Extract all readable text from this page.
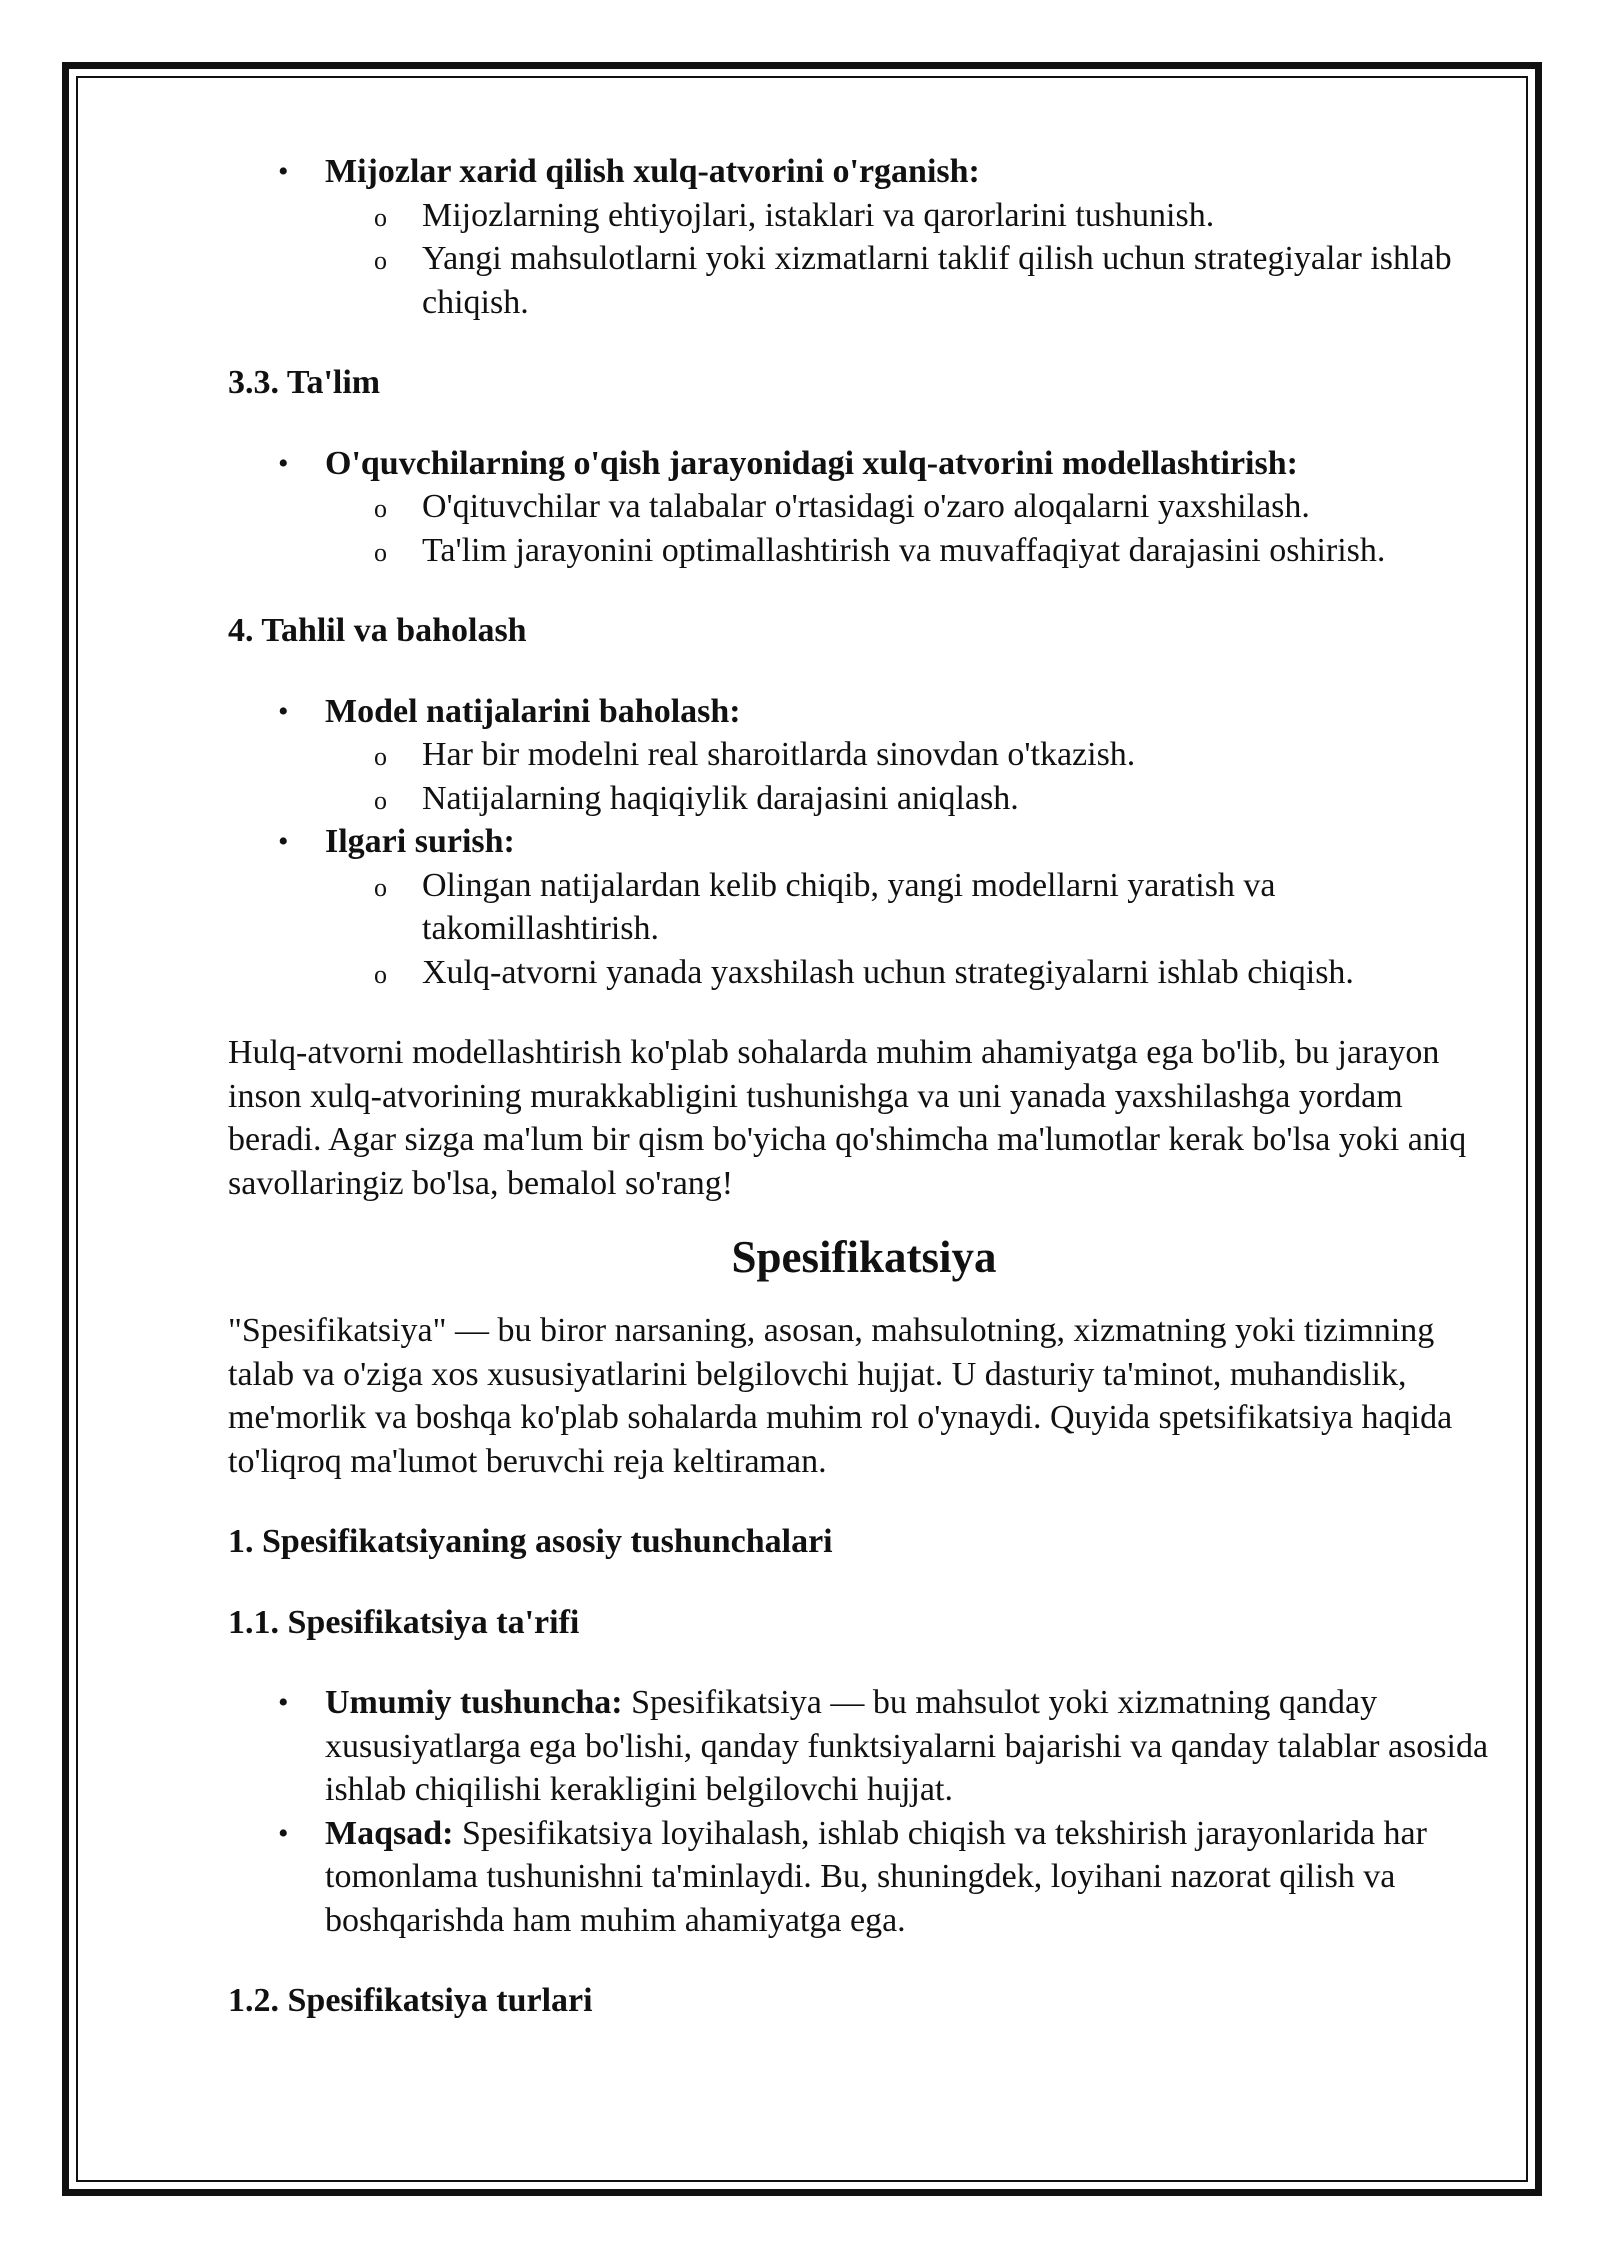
• Mijozlar xarid qilish xulq-atvorini o'rganish:
o Mijozlarning ehtiyojlari, istaklari va qarorlarini tushunish.
o Yangi mahsulotlarni yoki xizmatlarni taklif qilish uchun strategiyalar ishlab chiqish.

3.3. Ta'lim

• O'quvchilarning o'qish jarayonidagi xulq-atvorini modellashtirish:
o O'qituvchilar va talabalar o'rtasidagi o'zaro aloqalarni yaxshilash.
o Ta'lim jarayonini optimallashtirish va muvaffaqiyat darajasini oshirish.

4. Tahlil va baholash

• Model natijalarini baholash:
o Har bir modelni real sharoitlarda sinovdan o'tkazish.
o Natijalarning haqiqiylik darajasini aniqlash.
• Ilgari surish:
o Olingan natijalardan kelib chiqib, yangi modellarni yaratish va takomillashtirish.
o Xulq-atvorni yanada yaxshilash uchun strategiyalarni ishlab chiqish.

Hulq-atvorni modellashtirish ko'plab sohalarda muhim ahamiyatga ega bo'lib, bu jarayon inson xulq-atvorining murakkabligini tushunishga va uni yanada yaxshilashga yordam beradi. Agar sizga ma'lum bir qism bo'yicha qo'shimcha ma'lumotlar kerak bo'lsa yoki aniq savollaringiz bo'lsa, bemalol so'rang!

Spesifikatsiya

"Spesifikatsiya" — bu biror narsaning, asosan, mahsulotning, xizmatning yoki tizimning talab va o'ziga xos xususiyatlarini belgilovchi hujjat. U dasturiy ta'minot, muhandislik, me'morlik va boshqa ko'plab sohalarda muhim rol o'ynaydi. Quyida spetsifikatsiya haqida to'liqroq ma'lumot beruvchi reja keltiraman.

1. Spesifikatsiyaning asosiy tushunchalari

1.1. Spesifikatsiya ta'rifi

• Umumiy tushuncha: Spesifikatsiya — bu mahsulot yoki xizmatning qanday xususiyatlarga ega bo'lishi, qanday funktsiyalarni bajarishi va qanday talablar asosida ishlab chiqilishi kerakligini belgilovchi hujjat.
• Maqsad: Spesifikatsiya loyihalash, ishlab chiqish va tekshirish jarayonlarida har tomonlama tushunishni ta'minlaydi. Bu, shuningdek, loyihani nazorat qilish va boshqarishda ham muhim ahamiyatga ega.

1.2. Spesifikatsiya turlari
